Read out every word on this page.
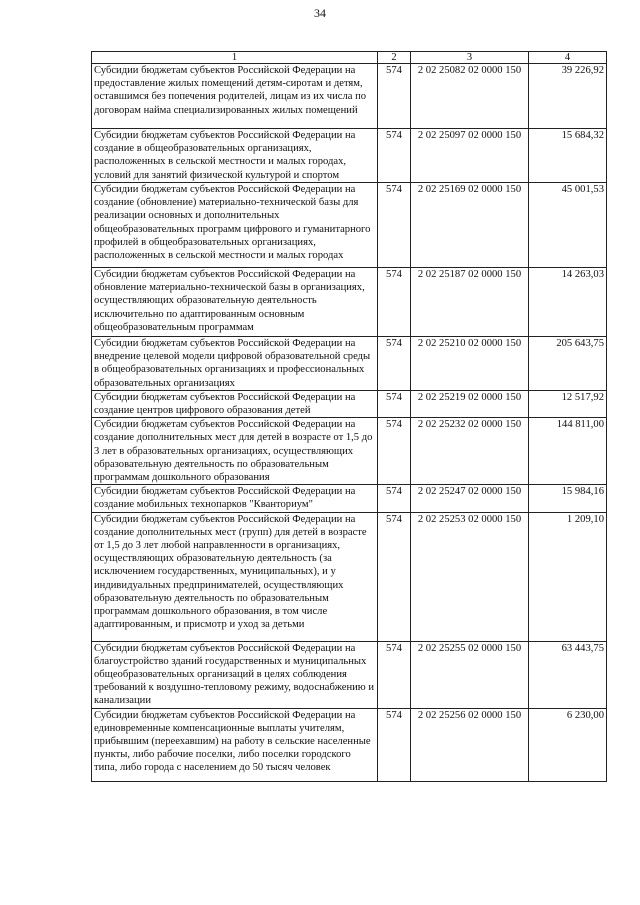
34
1	2	3	4
Субсидии бюджетам субъектов Российской Федерации на предоставление жилых помещений детям-сиротам и детям, оставшимся без попечения родителей, лицам из их числа по договорам найма специализированных жилых помещений	574	2 02 25082 02 0000 150	39 226,92
Субсидии бюджетам субъектов Российской Федерации на создание в общеобразовательных организациях, расположенных в сельской местности и малых городах, условий для занятий физической культурой и спортом	574	2 02 25097 02 0000 150	15 684,32
Субсидии бюджетам субъектов Российской Федерации на создание (обновление) материально-технической базы для реализации основных и дополнительных общеобразовательных программ цифрового и гуманитарного профилей в общеобразовательных организациях, расположенных в сельской местности и малых городах	574	2 02 25169 02 0000 150	45 001,53
Субсидии бюджетам субъектов Российской Федерации на обновление материально-технической базы в организациях, осуществляющих образовательную деятельность исключительно по адаптированным основным общеобразовательным программам	574	2 02 25187 02 0000 150	14 263,03
Субсидии бюджетам субъектов Российской Федерации на внедрение целевой модели цифровой образовательной среды в общеобразовательных организациях и профессиональных образовательных организациях	574	2 02 25210 02 0000 150	205 643,75
Субсидии бюджетам субъектов Российской Федерации на создание центров цифрового образования детей	574	2 02 25219 02 0000 150	12 517,92
Субсидии бюджетам субъектов Российской Федерации на создание дополнительных мест для детей в возрасте от 1,5 до 3 лет в образовательных организациях, осуществляющих образовательную деятельность по образовательным программам дошкольного образования	574	2 02 25232 02 0000 150	144 811,00
Субсидии бюджетам субъектов Российской Федерации на создание мобильных технопарков "Кванториум"	574	2 02 25247 02 0000 150	15 984,16
Субсидии бюджетам субъектов Российской Федерации на создание дополнительных мест (групп) для детей в возрасте от 1,5 до 3 лет любой направленности в организациях, осуществляющих образовательную деятельность (за исключением государственных, муниципальных), и у индивидуальных предпринимателей, осуществляющих образовательную деятельность по образовательным программам дошкольного образования, в том числе адаптированным, и присмотр и уход за детьми	574	2 02 25253 02 0000 150	1 209,10
Субсидии бюджетам субъектов Российской Федерации на благоустройство зданий государственных и муниципальных общеобразовательных организаций в целях соблюдения требований к воздушно-тепловому режиму, водоснабжению и канализации	574	2 02 25255 02 0000 150	63 443,75
Субсидии бюджетам субъектов Российской Федерации на единовременные компенсационные выплаты учителям, прибывшим (переехавшим) на работу в сельские населенные пункты, либо рабочие поселки, либо поселки городского типа, либо города с населением до 50 тысяч человек	574	2 02 25256 02 0000 150	6 230,00
